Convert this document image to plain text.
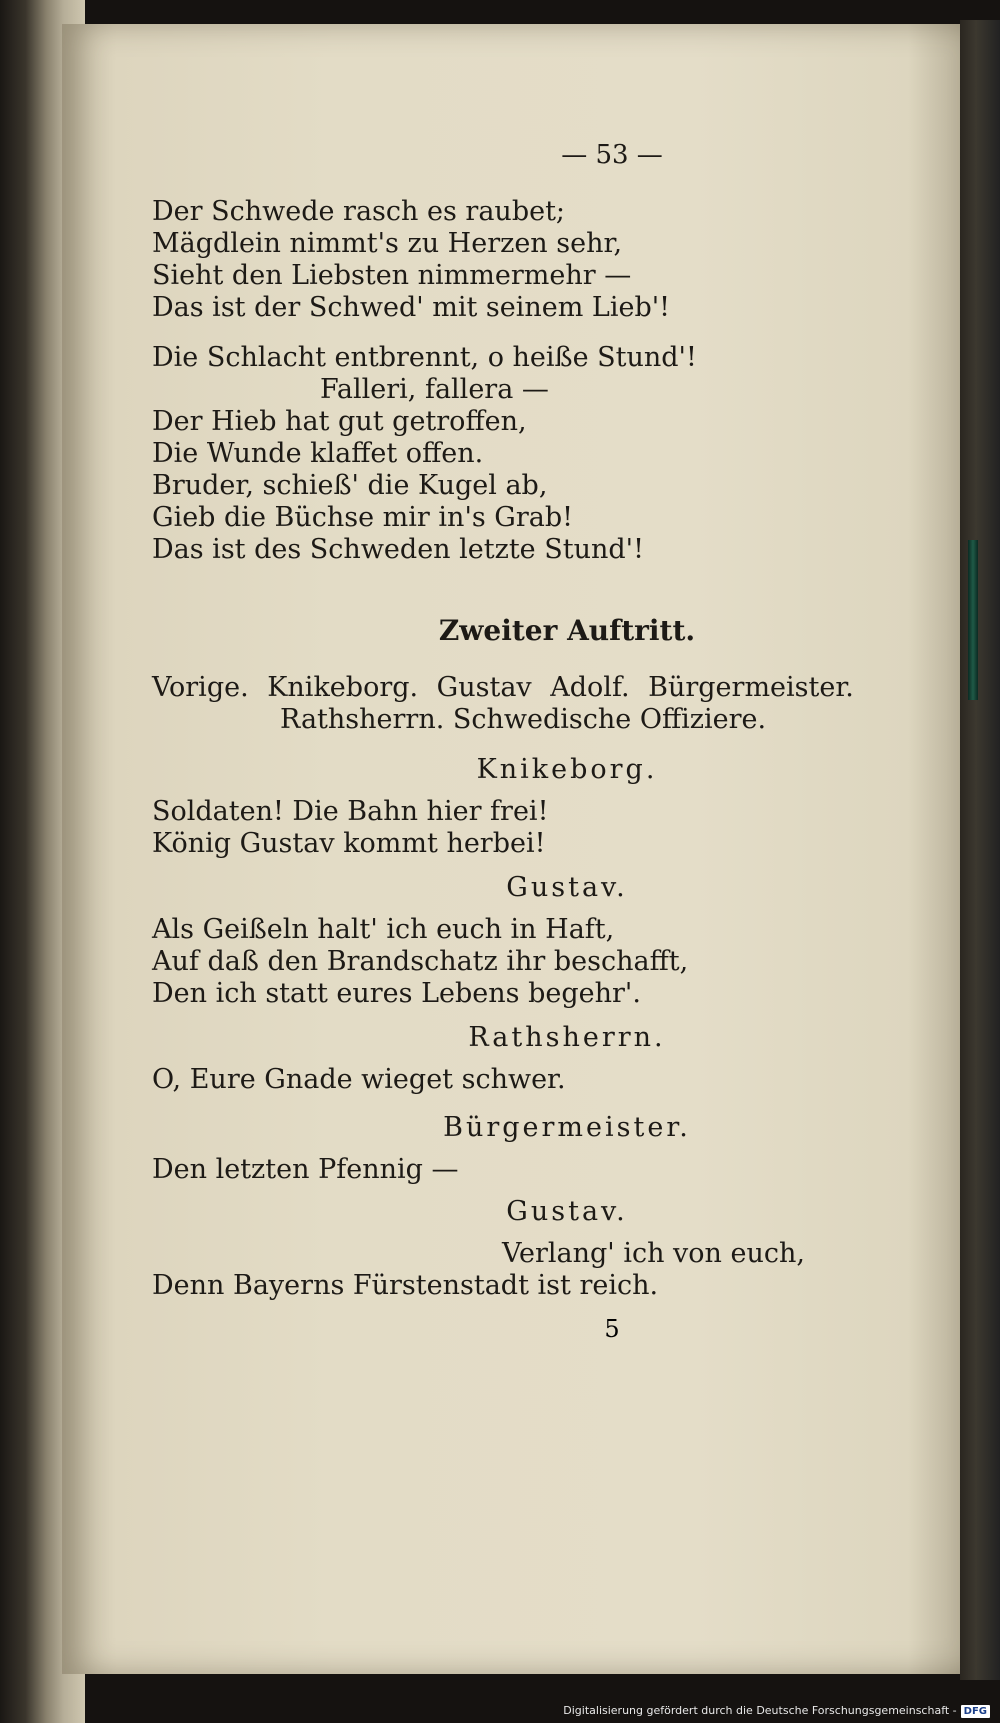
— 53 —
Der Schwede rasch es raubet;
Mägdlein nimmt's zu Herzen sehr,
Sieht den Liebsten nimmermehr —
Das ist der Schwed' mit seinem Lieb'!
Die Schlacht entbrennt, o heiße Stund'!
Falleri, fallera —
Der Hieb hat gut getroffen,
Die Wunde klaffet offen.
Bruder, schieß' die Kugel ab,
Gieb die Büchse mir in's Grab!
Das ist des Schweden letzte Stund'!
Zweiter Auftritt.
Vorige. Knikeborg. Gustav Adolf. Bürgermeister.
Rathsherrn. Schwedische Offiziere.
Knikeborg.
Soldaten! Die Bahn hier frei!
König Gustav kommt herbei!
Gustav.
Als Geißeln halt' ich euch in Haft,
Auf daß den Brandschatz ihr beschafft,
Den ich statt eures Lebens begehr'.
Rathsherrn.
O, Eure Gnade wieget schwer.
Bürgermeister.
Den letzten Pfennig —
Gustav.
Verlang' ich von euch,
Denn Bayerns Fürstenstadt ist reich.
5
Digitalisierung gefördert durch die Deutsche Forschungsgemeinschaft - DFG
